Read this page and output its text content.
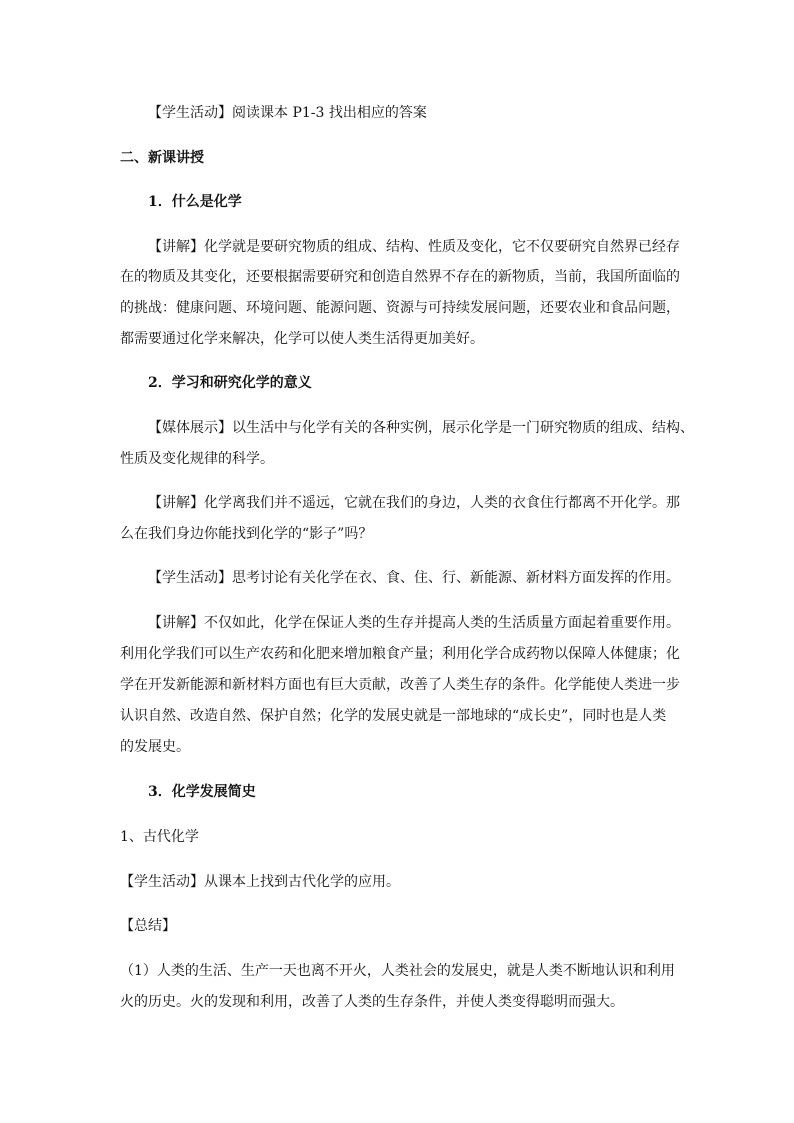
【学生活动】阅读课本 P1-3 找出相应的答案
二、新课讲授
1．什么是化学
【讲解】化学就是要研究物质的组成、结构、性质及变化，它不仅要研究自然界已经存
在的物质及其变化，还要根据需要研究和创造自然界不存在的新物质，当前，我国所面临的
的挑战：健康问题、环境问题、能源问题、资源与可持续发展问题，还要农业和食品问题，
都需要通过化学来解决，化学可以使人类生活得更加美好。
2．学习和研究化学的意义
【媒体展示】以生活中与化学有关的各种实例，展示化学是一门研究物质的组成、结构、
性质及变化规律的科学。
【讲解】化学离我们并不遥远，它就在我们的身边，人类的衣食住行都离不开化学。那
么在我们身边你能找到化学的“影子”吗？
【学生活动】思考讨论有关化学在衣、食、住、行、新能源、新材料方面发挥的作用。
【讲解】不仅如此，化学在保证人类的生存并提高人类的生活质量方面起着重要作用。
利用化学我们可以生产农药和化肥来增加粮食产量；利用化学合成药物以保障人体健康；化
学在开发新能源和新材料方面也有巨大贡献，改善了人类生存的条件。化学能使人类进一步
认识自然、改造自然、保护自然；化学的发展史就是一部地球的“成长史”，同时也是人类
的发展史。
3．化学发展简史
1、古代化学
【学生活动】从课本上找到古代化学的应用。
【总结】
（1）人类的生活、生产一天也离不开火，人类社会的发展史，就是人类不断地认识和利用
火的历史。火的发现和利用，改善了人类的生存条件，并使人类变得聪明而强大。
